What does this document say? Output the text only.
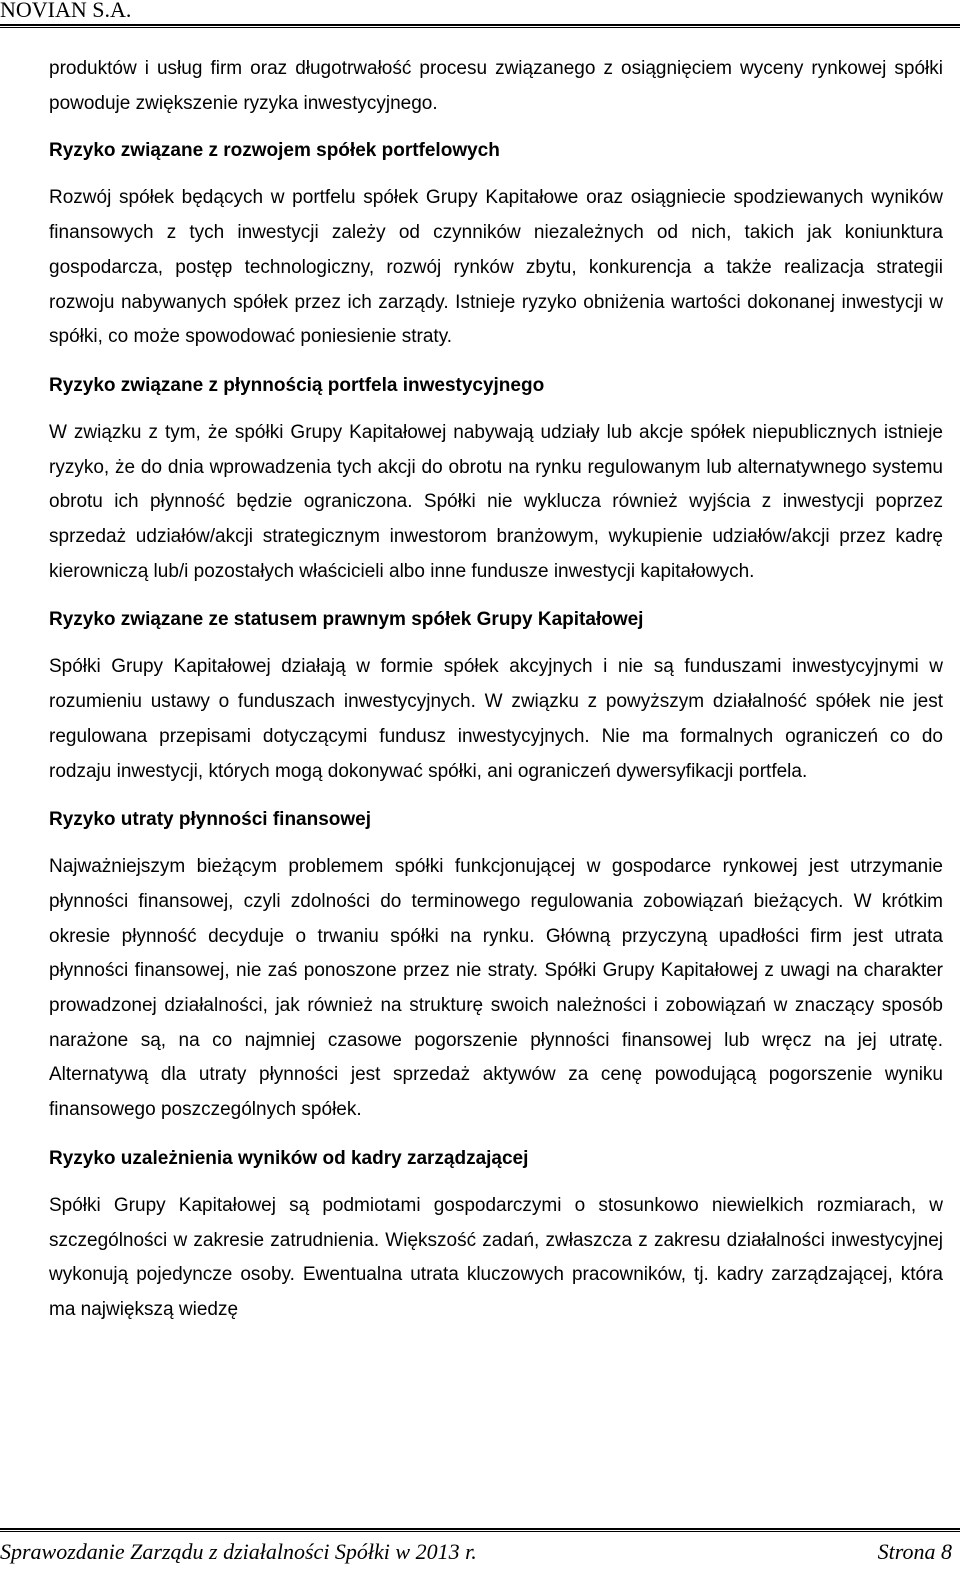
NOVIAN S.A.

produktów i usług firm oraz długotrwałość procesu związanego z osiągnięciem wyceny rynkowej spółki powoduje zwiększenie ryzyka inwestycyjnego.

Ryzyko związane z rozwojem spółek portfelowych

Rozwój spółek będących w portfelu spółek Grupy Kapitałowe oraz osiągniecie spodziewanych wyników finansowych z tych inwestycji zależy od czynników niezależnych od nich, takich jak koniunktura gospodarcza, postęp technologiczny, rozwój rynków zbytu, konkurencja a także realizacja strategii rozwoju nabywanych spółek przez ich zarządy. Istnieje ryzyko obniżenia wartości dokonanej inwestycji w spółki, co może spowodować poniesienie straty.

Ryzyko związane z płynnością portfela inwestycyjnego

W związku z tym, że spółki Grupy Kapitałowej nabywają udziały lub akcje spółek niepublicznych istnieje ryzyko, że do dnia wprowadzenia tych akcji do obrotu na rynku regulowanym lub alternatywnego systemu obrotu ich płynność będzie ograniczona. Spółki nie wyklucza również wyjścia z inwestycji poprzez sprzedaż udziałów/akcji strategicznym inwestorom branżowym, wykupienie udziałów/akcji przez kadrę kierowniczą lub/i pozostałych właścicieli albo inne fundusze inwestycji kapitałowych.

Ryzyko związane ze statusem prawnym spółek Grupy Kapitałowej

Spółki Grupy Kapitałowej działają w formie spółek akcyjnych i nie są funduszami inwestycyjnymi w rozumieniu ustawy o funduszach inwestycyjnych. W związku z powyższym działalność spółek nie jest regulowana przepisami dotyczącymi fundusz inwestycyjnych. Nie ma formalnych ograniczeń co do rodzaju inwestycji, których mogą dokonywać spółki, ani ograniczeń dywersyfikacji portfela.

Ryzyko utraty płynności finansowej

Najważniejszym bieżącym problemem spółki funkcjonującej w gospodarce rynkowej jest utrzymanie płynności finansowej, czyli zdolności do terminowego regulowania zobowiązań bieżących. W krótkim okresie płynność decyduje o trwaniu spółki na rynku. Główną przyczyną upadłości firm jest utrata płynności finansowej, nie zaś ponoszone przez nie straty. Spółki Grupy Kapitałowej z uwagi na charakter prowadzonej działalności, jak również na strukturę swoich należności i zobowiązań w znaczący sposób narażone są, na co najmniej czasowe pogorszenie płynności finansowej lub wręcz na jej utratę. Alternatywą dla utraty płynności jest sprzedaż aktywów za cenę powodującą pogorszenie wyniku finansowego poszczególnych spółek.

Ryzyko uzależnienia wyników od kadry zarządzającej

Spółki Grupy Kapitałowej są podmiotami gospodarczymi o stosunkowo niewielkich rozmiarach, w szczególności w zakresie zatrudnienia. Większość zadań, zwłaszcza z zakresu działalności inwestycyjnej wykonują pojedyncze osoby. Ewentualna utrata kluczowych pracowników, tj. kadry zarządzającej, która ma największą wiedzę

Sprawozdanie Zarządu z działalności Spółki w 2013 r.	Strona 8
